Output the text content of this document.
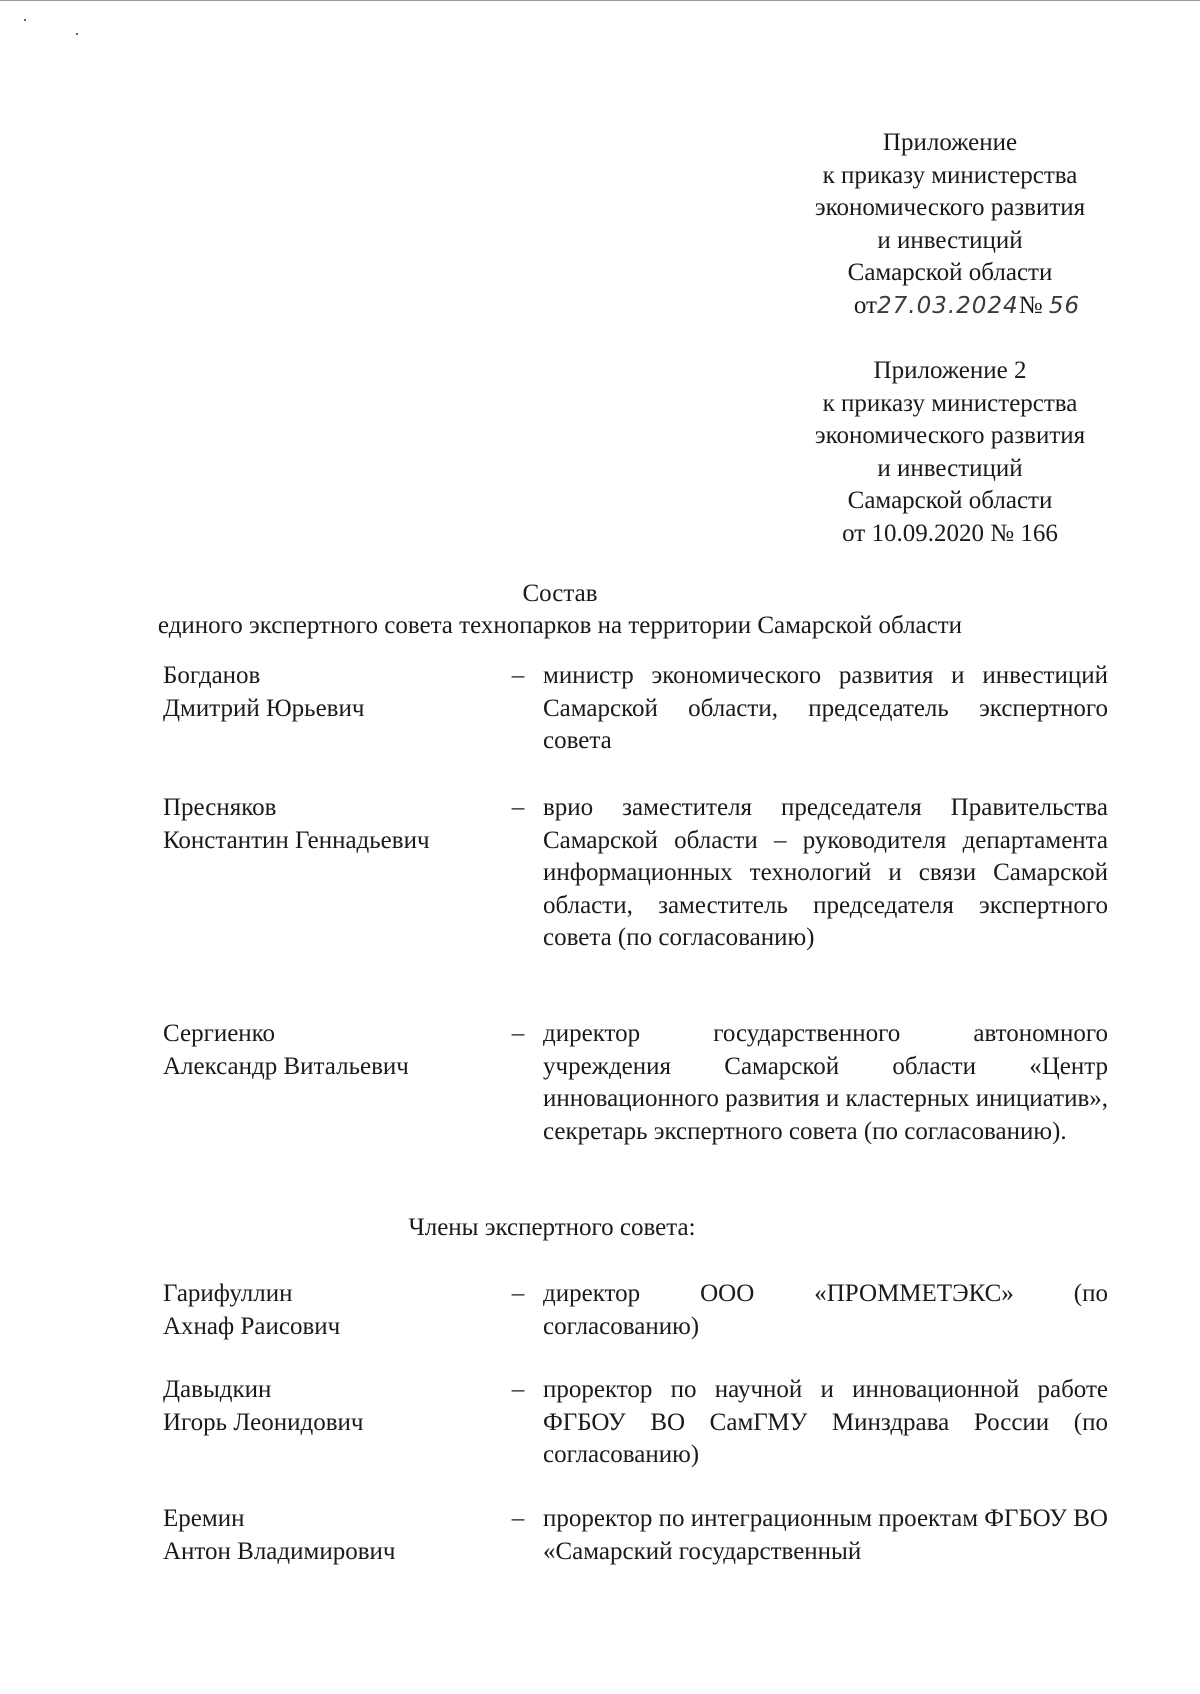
Приложение
к приказу министерства
экономического развития
и инвестиций
Самарской области
от27.03.2024№ 56
Приложение 2
к приказу министерства
экономического развития
и инвестиций
Самарской области
от 10.09.2020 № 166
Состав
единого экспертного совета технопарков на территории Самарской области
Богданов
Дмитрий Юрьевич
– министр экономического развития и инвестиций Самарской области, председатель экспертного совета
Пресняков
Константин Геннадьевич
– врио заместителя председателя Правительства Самарской области – руководителя департамента информационных технологий и связи Самарской области, заместитель председателя экспертного совета (по согласованию)
Сергиенко
Александр Витальевич
– директор государственного автономного учреждения Самарской области «Центр инновационного развития и кластерных инициатив», секретарь экспертного совета (по согласованию).
Члены экспертного совета:
Гарифуллин
Ахнаф Раисович
– директор ООО «ПРОММЕТЭКС» (по согласованию)
Давыдкин
Игорь Леонидович
– проректор по научной и инновационной работе ФГБОУ ВО СамГМУ Минздрава России (по согласованию)
Еремин
Антон Владимирович
– проректор по интеграционным проектам ФГБОУ ВО «Самарский государственный
